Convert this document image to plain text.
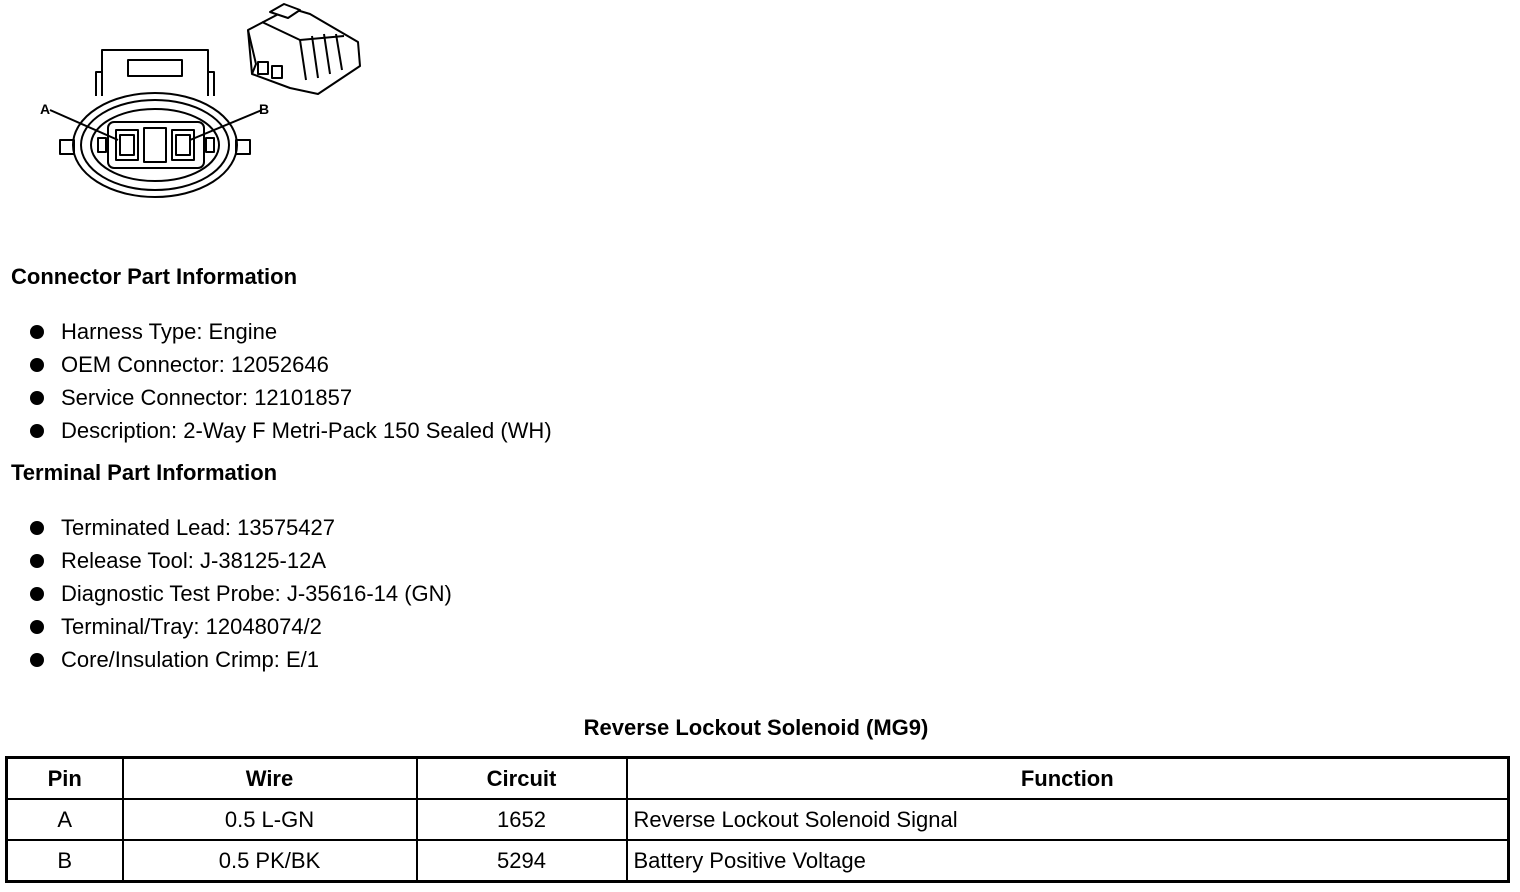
A	B
Connector Part Information
Harness Type: Engine
OEM Connector: 12052646
Service Connector: 12101857
Description: 2-Way F Metri-Pack 150 Sealed (WH)
Terminal Part Information
Terminated Lead: 13575427
Release Tool: J-38125-12A
Diagnostic Test Probe: J-35616-14 (GN)
Terminal/Tray: 12048074/2
Core/Insulation Crimp: E/1
Reverse Lockout Solenoid (MG9)
Pin	Wire	Circuit	Function
A	0.5 L-GN	1652	Reverse Lockout Solenoid Signal
B	0.5 PK/BK	5294	Battery Positive Voltage
